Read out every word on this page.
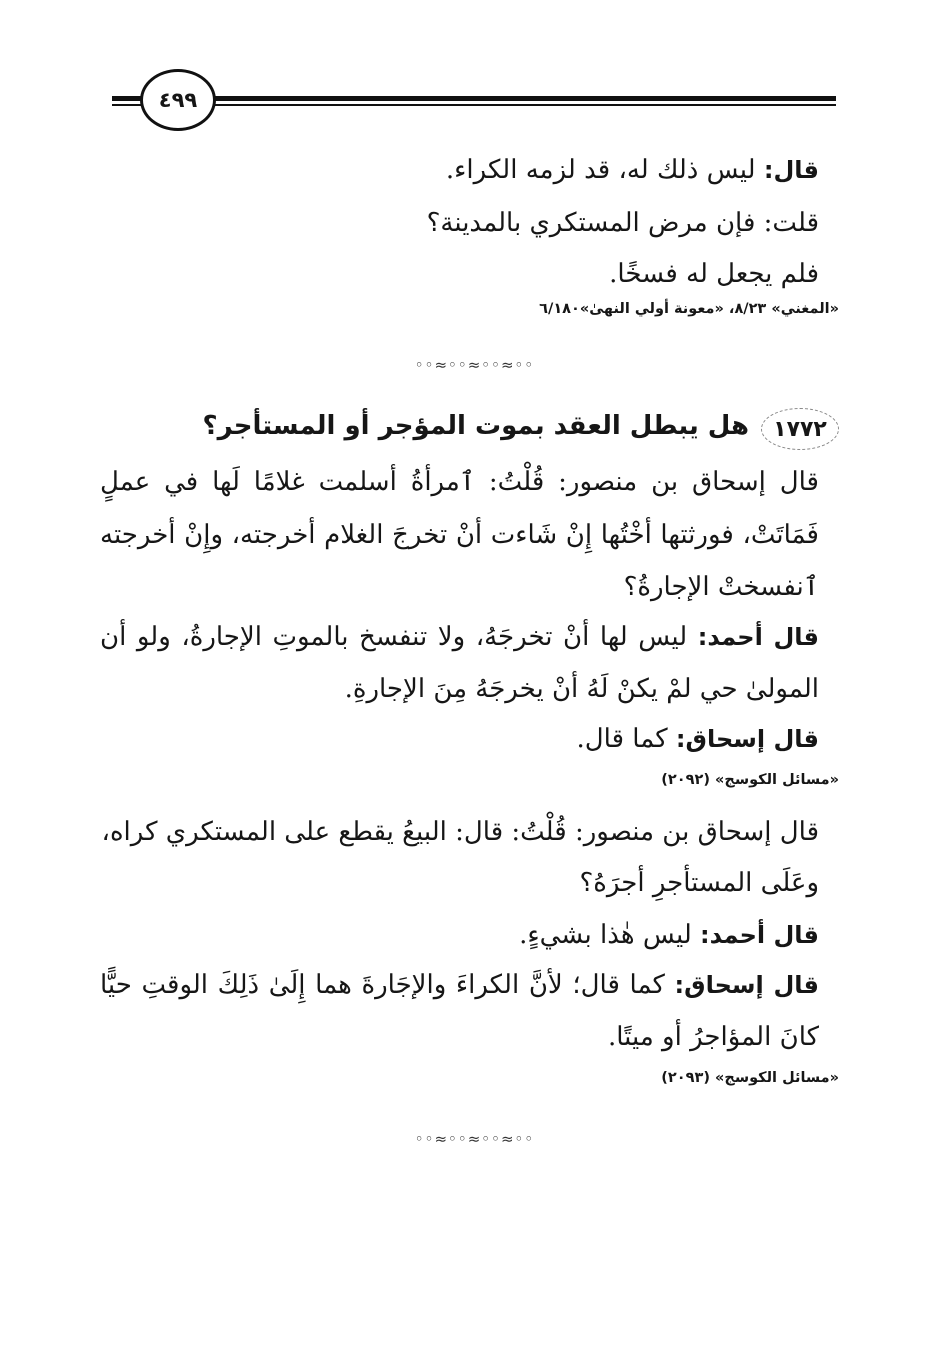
٤٩٩
قال: ليس ذلك له، قد لزمه الكراء.
قلت: فإن مرض المستكري بالمدينة؟
فلم يجعل له فسخًا.
«المغني» ٨/٢٣، «معونة أولي النهىٰ»٦/١٨٠
◦◦≈◦◦≈◦◦≈◦◦
١٧٧٢
هل يبطل العقد بموت المؤجر أو المستأجر؟
قال إسحاق بن منصور: قُلْتُ: ٱمرأةُ أسلمت غلامًا لَها في عملٍ
فَمَاتَتْ، فورثتها أخْتُها إِنْ شَاءت أنْ تخرجَ الغلام أخرجته، وإِنْ أخرجته
ٱنفسختْ الإجارةُ؟
قال أحمد: ليس لها أنْ تخرجَهُ، ولا تنفسخ بالموتِ الإجارةُ، ولو أن
المولىٰ حي لمْ يكنْ لَهُ أنْ يخرجَهُ مِنَ الإجارةِ.
قال إسحاق: كما قال.
«مسائل الكوسج» (٢٠٩٢)
قال إسحاق بن منصور: قُلْتُ: قال: البيعُ يقطع على المستكري كراه،
وعَلَى المستأجرِ أجرَهُ؟
قال أحمد: ليس هٰذا بشيءٍ.
قال إسحاق: كما قال؛ لأنَّ الكراءَ والإجَارةَ هما إِلَىٰ ذَلِكَ الوقتِ حيًّا
كانَ المؤاجرُ أو ميتًا.
«مسائل الكوسج» (٢٠٩٣)
◦◦≈◦◦≈◦◦≈◦◦
